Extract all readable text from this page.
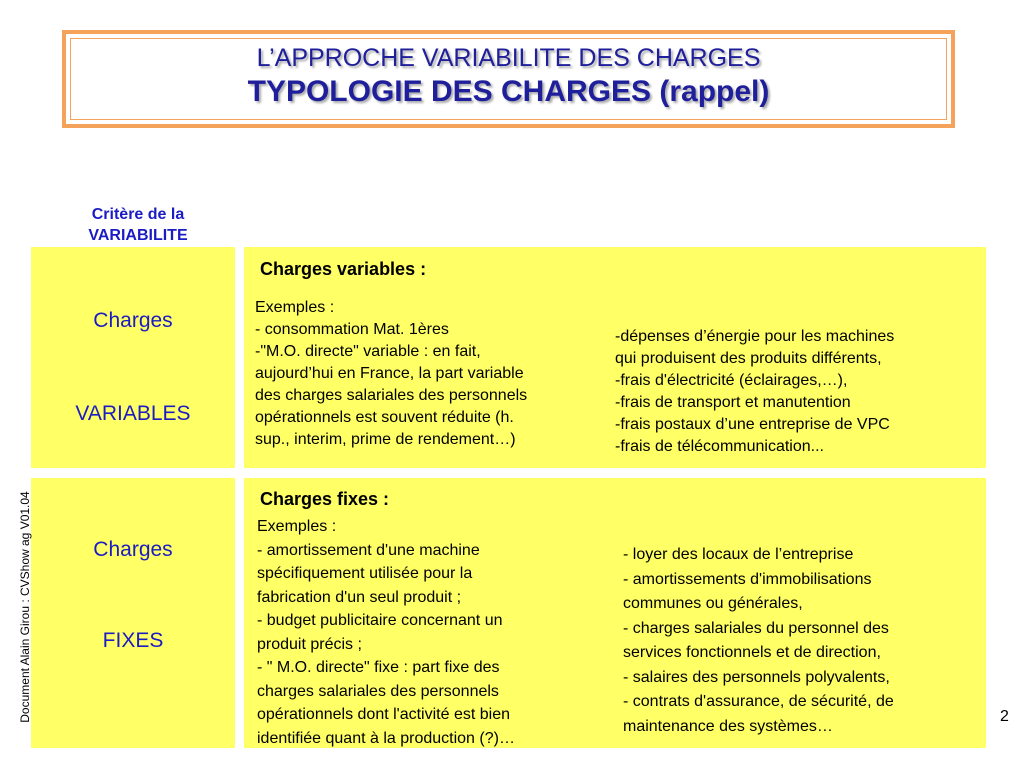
L’APPROCHE VARIABILITE DES CHARGES
TYPOLOGIE DES CHARGES (rappel)
Critère de la
VARIABILITE
Charges
VARIABLES
Charges variables :
Exemples :
- consommation Mat. 1ères
-"M.O. directe" variable : en fait,
aujourd’hui en France, la part variable
des charges salariales des personnels
opérationnels est souvent réduite (h.
sup., interim, prime de rendement…)
-dépenses d’énergie pour les machines
qui produisent des produits différents,
-frais d'électricité (éclairages,…),
-frais de transport et manutention
-frais postaux d’une entreprise de VPC
-frais de télécommunication...
Charges
FIXES
Charges fixes :
Exemples :
- amortissement d'une machine
spécifiquement utilisée pour la
fabrication d'un seul produit ;
- budget publicitaire concernant un
produit précis ;
- " M.O. directe" fixe : part fixe des
charges salariales des personnels
opérationnels dont l'activité est bien
identifiée quant à la production (?)…
- loyer des locaux de l’entreprise
- amortissements d'immobilisations
communes ou générales,
- charges salariales du personnel des
services fonctionnels et de direction,
- salaires des personnels polyvalents,
- contrats d'assurance, de sécurité, de
maintenance des systèmes…
Document Alain Girou : CVShow ag V01.04	2
